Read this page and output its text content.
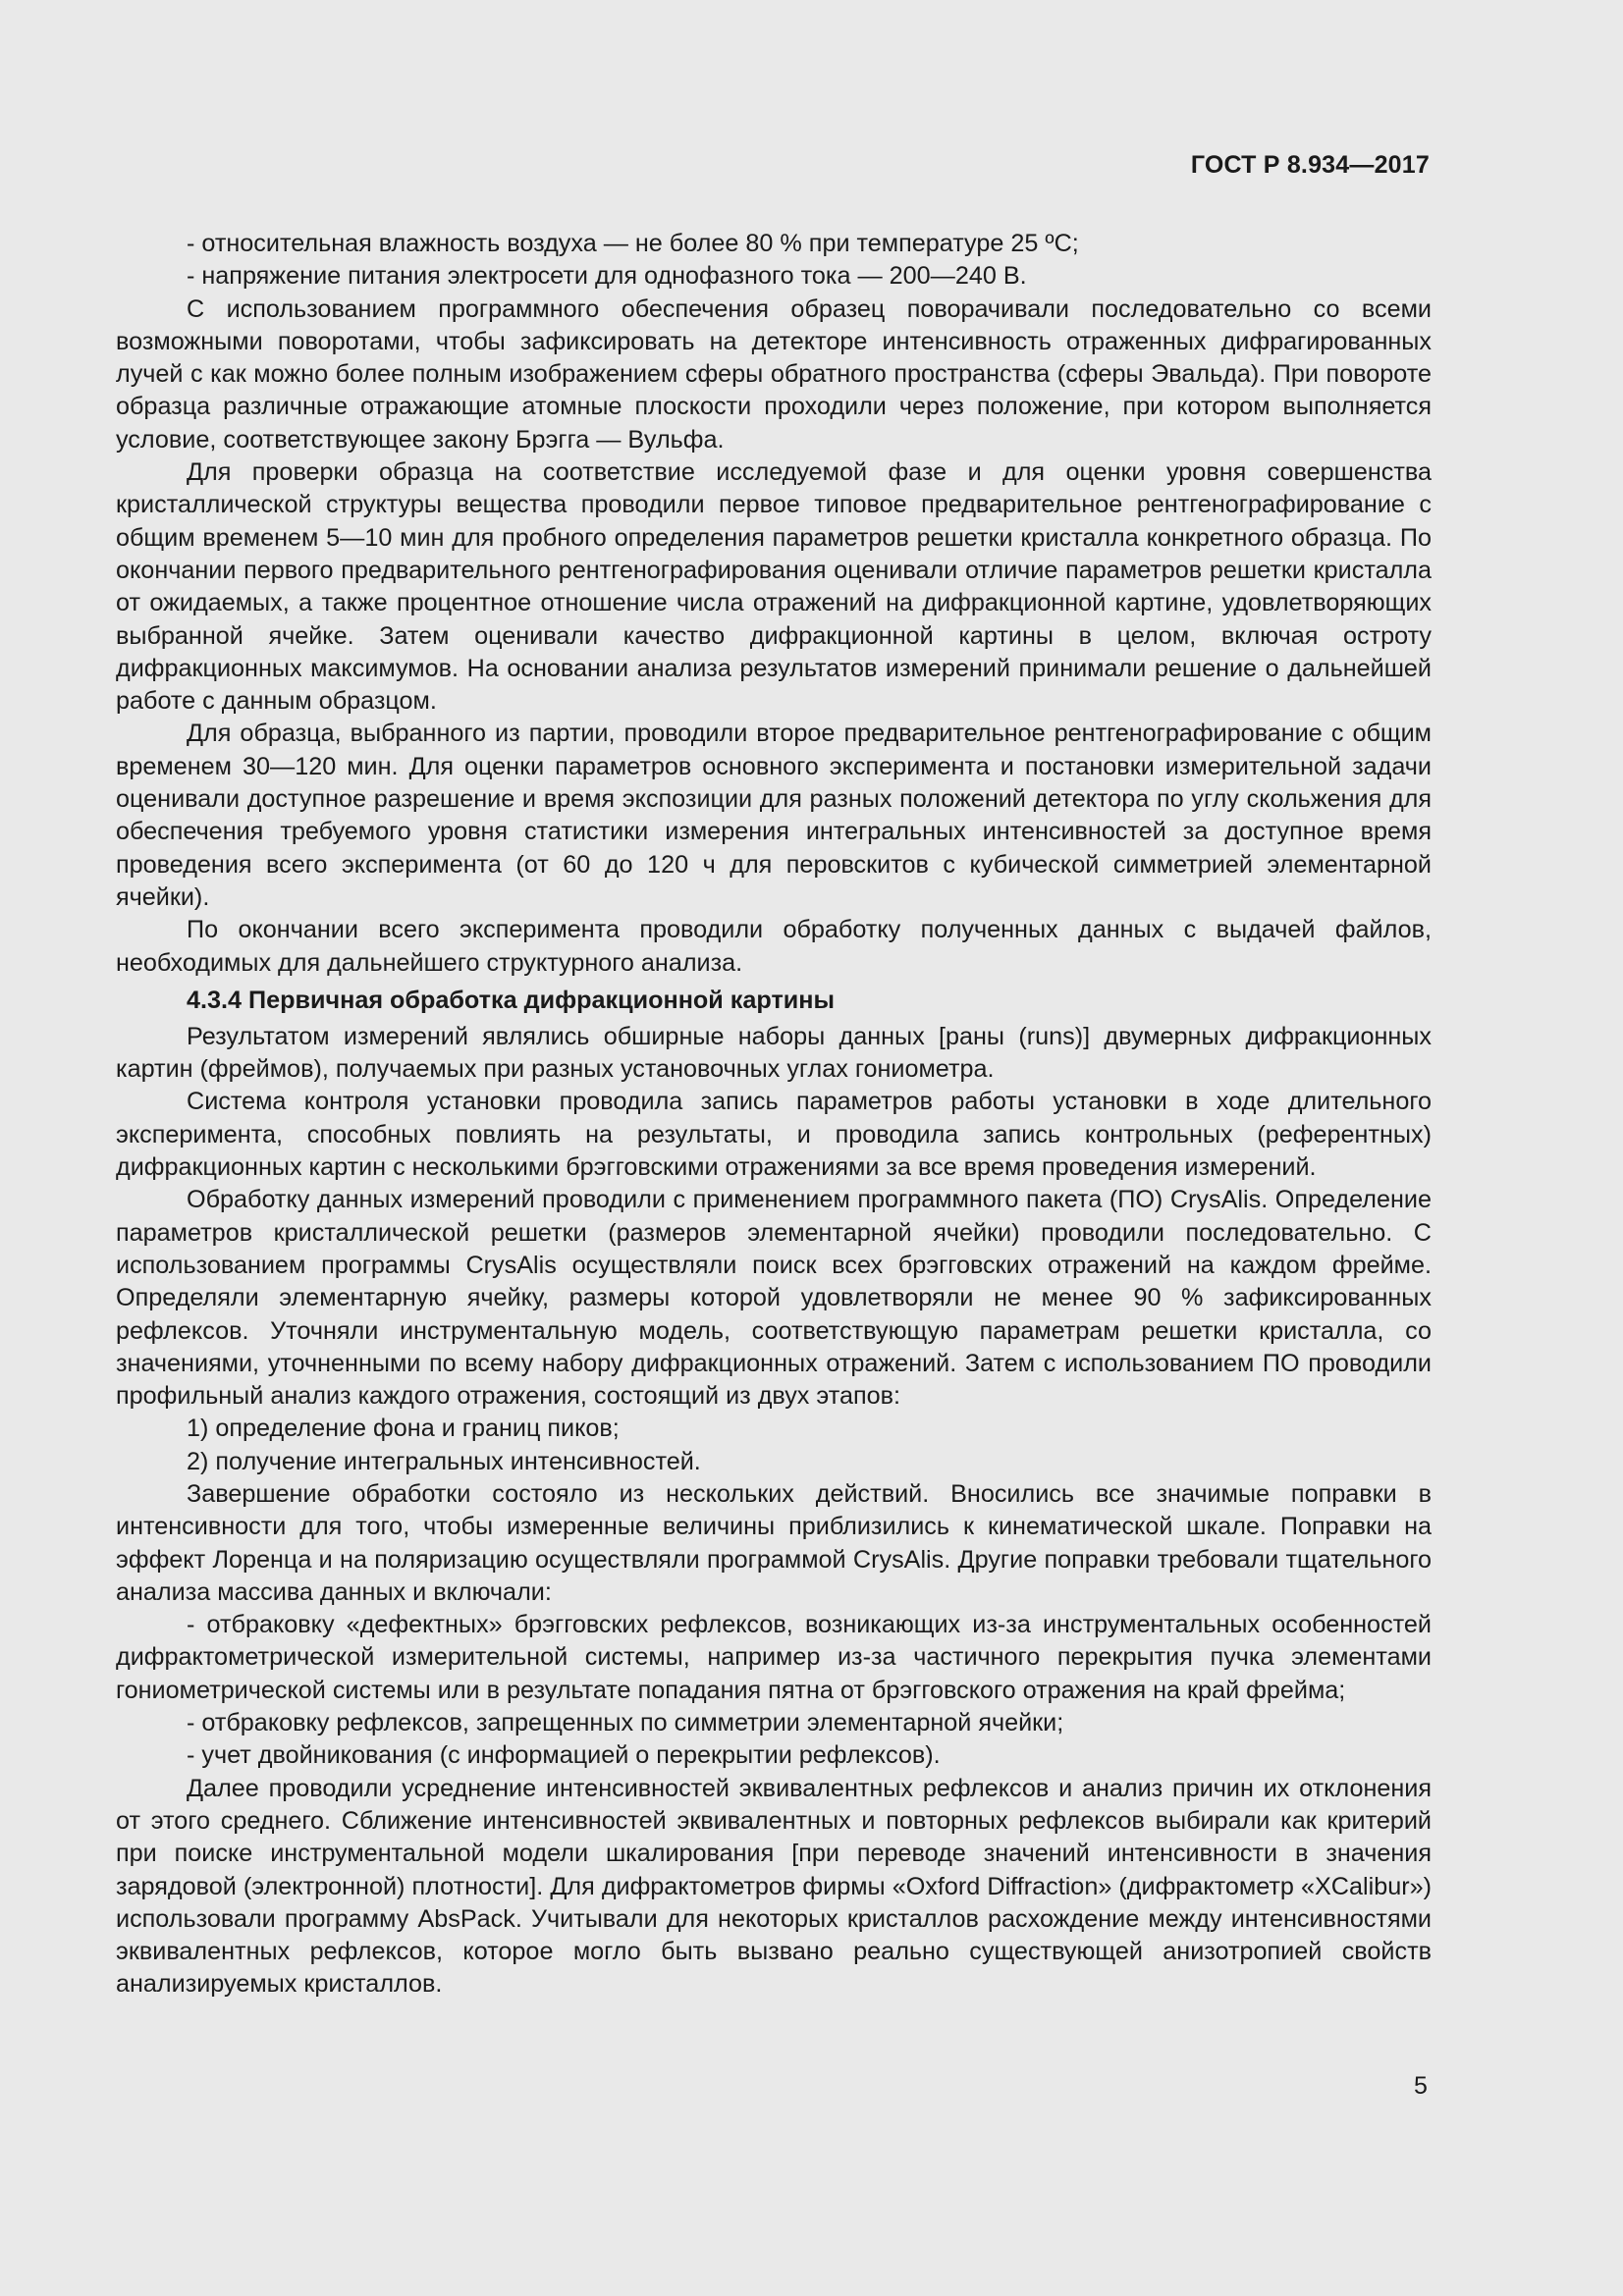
ГОСТ Р 8.934—2017

- относительная влажность воздуха — не более 80 % при температуре 25 ºС;

- напряжение питания электросети для однофазного тока — 200—240 В.

С использованием программного обеспечения образец поворачивали последовательно со всеми возможными поворотами, чтобы зафиксировать на детекторе интенсивность отраженных дифрагированных лучей с как можно более полным изображением сферы обратного пространства (сферы Эвальда). При повороте образца различные отражающие атомные плоскости проходили через положение, при котором выполняется условие, соответствующее закону Брэгга — Вульфа.

Для проверки образца на соответствие исследуемой фазе и для оценки уровня совершенства кристаллической структуры вещества проводили первое типовое предварительное рентгенографирование с общим временем 5—10 мин для пробного определения параметров решетки кристалла конкретного образца. По окончании первого предварительного рентгенографирования оценивали отличие параметров решетки кристалла от ожидаемых, а также процентное отношение числа отражений на дифракционной картине, удовлетворяющих выбранной ячейке. Затем оценивали качество дифракционной картины в целом, включая остроту дифракционных максимумов. На основании анализа результатов измерений принимали решение о дальнейшей работе с данным образцом.

Для образца, выбранного из партии, проводили второе предварительное рентгенографирование с общим временем 30—120 мин. Для оценки параметров основного эксперимента и постановки измерительной задачи оценивали доступное разрешение и время экспозиции для разных положений детектора по углу скольжения для обеспечения требуемого уровня статистики измерения интегральных интенсивностей за доступное время проведения всего эксперимента (от 60 до 120 ч для перовскитов с кубической симметрией элементарной ячейки).

По окончании всего эксперимента проводили обработку полученных данных с выдачей файлов, необходимых для дальнейшего структурного анализа.

4.3.4 Первичная обработка дифракционной картины

Результатом измерений являлись обширные наборы данных [раны (runs)] двумерных дифракционных картин (фреймов), получаемых при разных установочных углах гониометра.

Система контроля установки проводила запись параметров работы установки в ходе длительного эксперимента, способных повлиять на результаты, и проводила запись контрольных (референтных) дифракционных картин с несколькими брэгговскими отражениями за все время проведения измерений.

Обработку данных измерений проводили с применением программного пакета (ПО) CrysAlis. Определение параметров кристаллической решетки (размеров элементарной ячейки) проводили последовательно. С использованием программы CrysAlis осуществляли поиск всех брэгговских отражений на каждом фрейме. Определяли элементарную ячейку, размеры которой удовлетворяли не менее 90 % зафиксированных рефлексов. Уточняли инструментальную модель, соответствующую параметрам решетки кристалла, со значениями, уточненными по всему набору дифракционных отражений. Затем с использованием ПО проводили профильный анализ каждого отражения, состоящий из двух этапов:

1) определение фона и границ пиков;

2) получение интегральных интенсивностей.

Завершение обработки состояло из нескольких действий. Вносились все значимые поправки в интенсивности для того, чтобы измеренные величины приблизились к кинематической шкале. Поправки на эффект Лоренца и на поляризацию осуществляли программой CrysAlis. Другие поправки требовали тщательного анализа массива данных и включали:

- отбраковку «дефектных» брэгговских рефлексов, возникающих из-за инструментальных особенностей дифрактометрической измерительной системы, например из-за частичного перекрытия пучка элементами гониометрической системы или в результате попадания пятна от брэгговского отражения на край фрейма;

- отбраковку рефлексов, запрещенных по симметрии элементарной ячейки;

- учет двойникования (с информацией о перекрытии рефлексов).

Далее проводили усреднение интенсивностей эквивалентных рефлексов и анализ причин их отклонения от этого среднего. Сближение интенсивностей эквивалентных и повторных рефлексов выбирали как критерий при поиске инструментальной модели шкалирования [при переводе значений интенсивности в значения зарядовой (электронной) плотности]. Для дифрактометров фирмы «Oxford Diffraction» (дифрактометр «XCalibur») использовали программу AbsPack. Учитывали для некоторых кристаллов расхождение между интенсивностями эквивалентных рефлексов, которое могло быть вызвано реально существующей анизотропией свойств анализируемых кристаллов.

5
